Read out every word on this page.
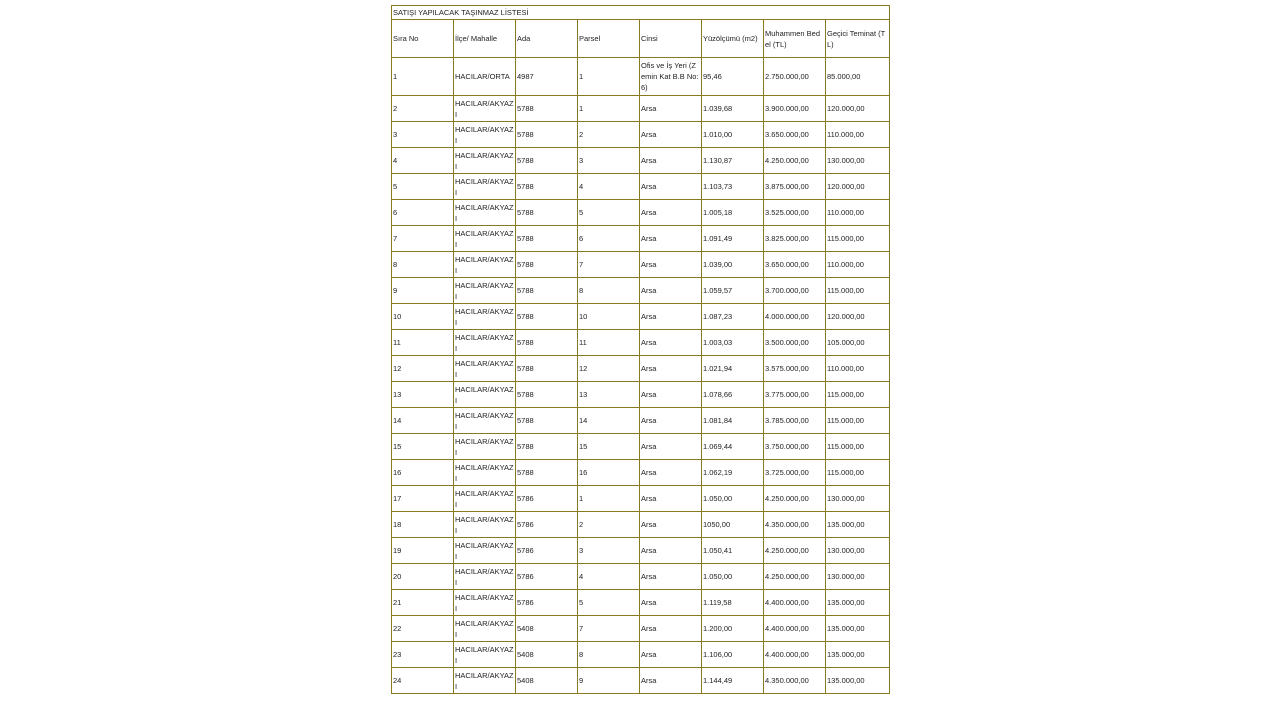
SATIŞI YAPILACAK TAŞINMAZ LİSTESİ							
Sıra No	İlçe/ Mahalle	Ada	Parsel	Cinsi	Yüzölçümü (m2)	Muhammen Bedel (TL)	Geçici Teminat (TL)
1	HACILAR/ORTA	4987	1	Ofis ve İş Yeri (Zemin Kat B.B No: 6)	95,46	2.750.000,00	85.000,00
2	HACILAR/AKYAZI	5788	1	Arsa	1.039,68	3.900.000,00	120.000,00
3	HACILAR/AKYAZI	5788	2	Arsa	1.010,00	3.650.000,00	110.000,00
4	HACILAR/AKYAZI	5788	3	Arsa	1.130,87	4.250.000,00	130.000,00
5	HACILAR/AKYAZI	5788	4	Arsa	1.103,73	3.875.000,00	120.000,00
6	HACILAR/AKYAZI	5788	5	Arsa	1.005,18	3.525.000,00	110.000,00
7	HACILAR/AKYAZI	5788	6	Arsa	1.091,49	3.825.000,00	115.000,00
8	HACILAR/AKYAZI	5788	7	Arsa	1.039,00	3.650.000,00	110.000,00
9	HACILAR/AKYAZI	5788	8	Arsa	1.059,57	3.700.000,00	115.000,00
10	HACILAR/AKYAZI	5788	10	Arsa	1.087,23	4.000.000,00	120.000,00
11	HACILAR/AKYAZI	5788	11	Arsa	1.003,03	3.500.000,00	105.000,00
12	HACILAR/AKYAZI	5788	12	Arsa	1.021,94	3.575.000,00	110.000,00
13	HACILAR/AKYAZI	5788	13	Arsa	1.078,66	3.775.000,00	115.000,00
14	HACILAR/AKYAZI	5788	14	Arsa	1.081,84	3.785.000,00	115.000,00
15	HACILAR/AKYAZI	5788	15	Arsa	1.069,44	3.750.000,00	115.000,00
16	HACILAR/AKYAZI	5788	16	Arsa	1.062,19	3.725.000,00	115.000,00
17	HACILAR/AKYAZI	5786	1	Arsa	1.050,00	4.250.000,00	130.000,00
18	HACILAR/AKYAZI	5786	2	Arsa	1050,00	4.350.000,00	135.000,00
19	HACILAR/AKYAZI	5786	3	Arsa	1.050,41	4.250.000,00	130.000,00
20	HACILAR/AKYAZI	5786	4	Arsa	1.050,00	4.250.000,00	130.000,00
21	HACILAR/AKYAZI	5786	5	Arsa	1.119,58	4.400.000,00	135.000,00
22	HACILAR/AKYAZI	5408	7	Arsa	1.200,00	4.400.000,00	135.000,00
23	HACILAR/AKYAZI	5408	8	Arsa	1.106,00	4.400.000,00	135.000,00
24	HACILAR/AKYAZI	5408	9	Arsa	1.144,49	4.350.000,00	135.000,00
